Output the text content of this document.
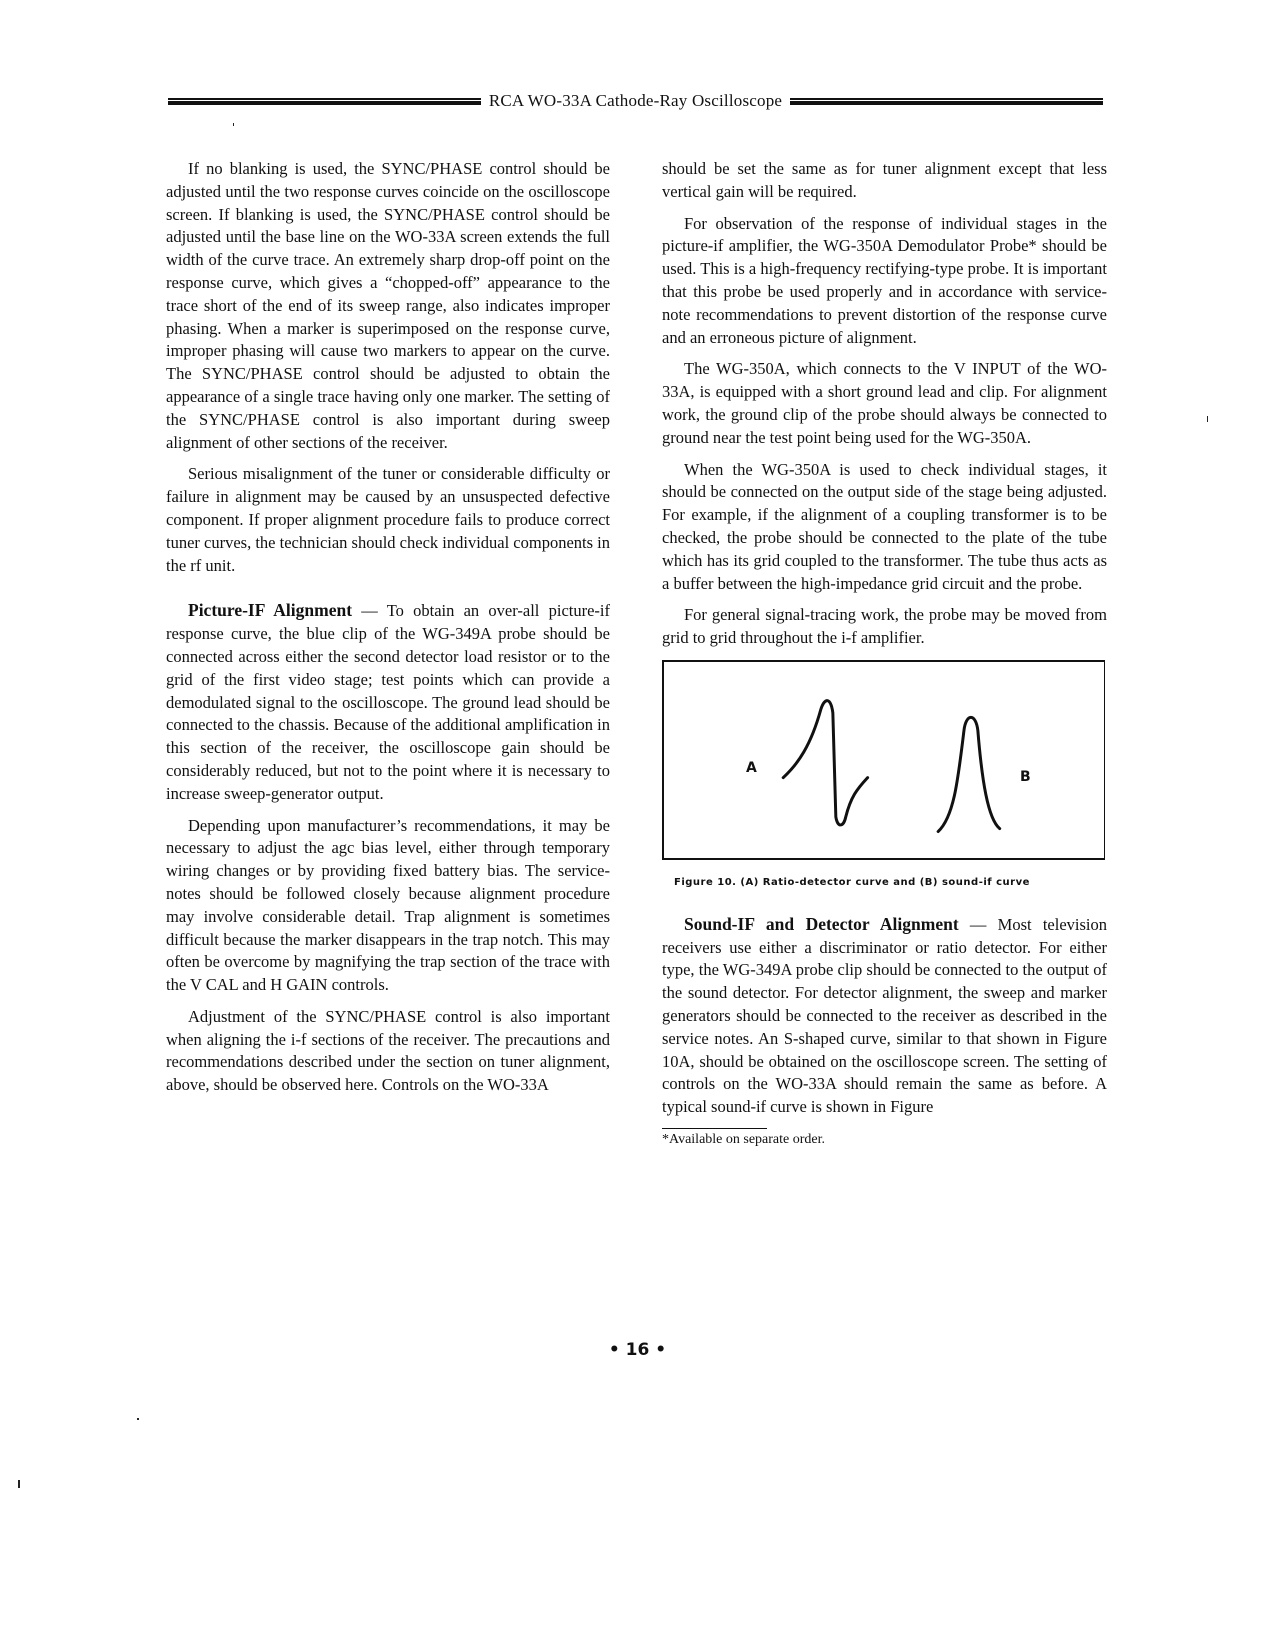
RCA WO-33A Cathode-Ray Oscilloscope

If no blanking is used, the SYNC/PHASE control should be adjusted until the two response curves coincide on the oscilloscope screen. If blanking is used, the SYNC/PHASE control should be adjusted until the base line on the WO-33A screen extends the full width of the curve trace. An extremely sharp drop-off point on the response curve, which gives a “chopped-off” appearance to the trace short of the end of its sweep range, also indicates improper phasing. When a marker is superimposed on the response curve, improper phasing will cause two markers to appear on the curve. The SYNC/PHASE control should be adjusted to obtain the appearance of a single trace having only one marker. The setting of the SYNC/PHASE control is also important during sweep alignment of other sections of the receiver.

Serious misalignment of the tuner or considerable difficulty or failure in alignment may be caused by an unsuspected defective component. If proper alignment procedure fails to produce correct tuner curves, the technician should check individual components in the rf unit.

Picture-IF Alignment — To obtain an over-all picture-if response curve, the blue clip of the WG-349A probe should be connected across either the second detector load resistor or to the grid of the first video stage; test points which can provide a demodulated signal to the oscilloscope. The ground lead should be connected to the chassis. Because of the additional amplification in this section of the receiver, the oscilloscope gain should be considerably reduced, but not to the point where it is necessary to increase sweep-generator output.

Depending upon manufacturer’s recommendations, it may be necessary to adjust the agc bias level, either through temporary wiring changes or by providing fixed battery bias. The service-notes should be followed closely because alignment procedure may involve considerable detail. Trap alignment is sometimes difficult because the marker disappears in the trap notch. This may often be overcome by magnifying the trap section of the trace with the V CAL and H GAIN controls.

Adjustment of the SYNC/PHASE control is also important when aligning the i-f sections of the receiver. The precautions and recommendations described under the section on tuner alignment, above, should be observed here. Controls on the WO-33A

should be set the same as for tuner alignment except that less vertical gain will be required.

For observation of the response of individual stages in the picture-if amplifier, the WG-350A Demodulator Probe* should be used. This is a high-frequency rectifying-type probe. It is important that this probe be used properly and in accordance with service-note recommendations to prevent distortion of the response curve and an erroneous picture of alignment.

The WG-350A, which connects to the V INPUT of the WO-33A, is equipped with a short ground lead and clip. For alignment work, the ground clip of the probe should always be connected to ground near the test point being used for the WG-350A.

When the WG-350A is used to check individual stages, it should be connected on the output side of the stage being adjusted. For example, if the alignment of a coupling transformer is to be checked, the probe should be connected to the plate of the tube which has its grid coupled to the transformer. The tube thus acts as a buffer between the high-impedance grid circuit and the probe.

For general signal-tracing work, the probe may be moved from grid to grid throughout the i-f amplifier.

A
B
Figure 10. (A) Ratio-detector curve and (B) sound-if curve

Sound-IF and Detector Alignment — Most television receivers use either a discriminator or ratio detector. For either type, the WG-349A probe clip should be connected to the output of the sound detector. For detector alignment, the sweep and marker generators should be connected to the receiver as described in the service notes. An S-shaped curve, similar to that shown in Figure 10A, should be obtained on the oscilloscope screen. The setting of controls on the WO-33A should remain the same as before. A typical sound-if curve is shown in Figure

*Available on separate order.

• 16 •
